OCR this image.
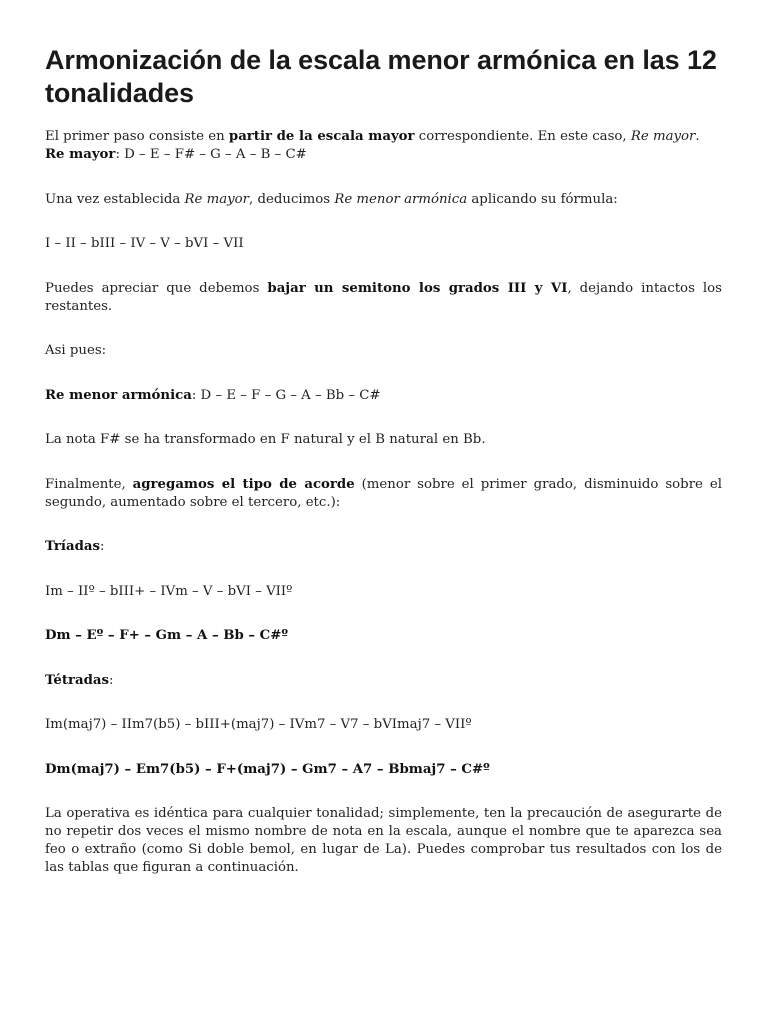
Armonización de la escala menor armónica en las 12 tonalidades

El primer paso consiste en partir de la escala mayor correspondiente. En este caso, Re mayor.
Re mayor: D – E – F# – G – A – B – C#

Una vez establecida Re mayor, deducimos Re menor armónica aplicando su fórmula:

I – II – bIII – IV – V – bVI – VII

Puedes apreciar que debemos bajar un semitono los grados III y VI, dejando intactos los restantes.

Asi pues:

Re menor armónica: D – E – F – G – A – Bb – C#

La nota F# se ha transformado en F natural y el B natural en Bb.

Finalmente, agregamos el tipo de acorde (menor sobre el primer grado, disminuido sobre el segundo, aumentado sobre el tercero, etc.):

Tríadas:

Im – IIº – bIII+ – IVm – V – bVI – VIIº

Dm – Eº – F+ – Gm – A – Bb – C#º

Tétradas:

Im(maj7) – IIm7(b5) – bIII+(maj7) – IVm7 – V7 – bVImaj7 – VIIº

Dm(maj7) – Em7(b5) – F+(maj7) – Gm7 – A7 – Bbmaj7 – C#º

La operativa es idéntica para cualquier tonalidad; simplemente, ten la precaución de asegurarte de no repetir dos veces el mismo nombre de nota en la escala, aunque el nombre que te aparezca sea feo o extraño (como Si doble bemol, en lugar de La). Puedes comprobar tus resultados con los de las tablas que figuran a continuación.
